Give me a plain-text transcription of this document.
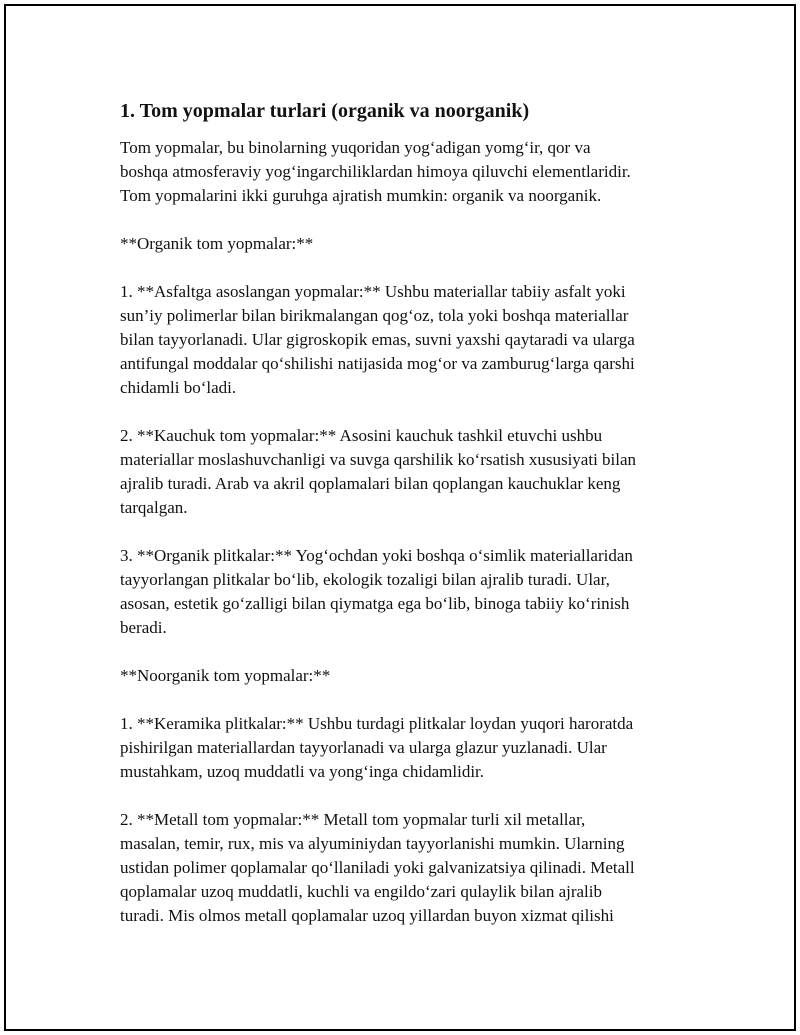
1. Tom yopmalar turlari (organik va noorganik)
Tom yopmalar, bu binolarning yuqoridan yog‘adigan yomg‘ir, qor va
boshqa atmosferaviy yog‘ingarchiliklardan himoya qiluvchi elementlaridir.
Tom yopmalarini ikki guruhga ajratish mumkin: organik va noorganik.
**Organik tom yopmalar:**
1. **Asfaltga asoslangan yopmalar:** Ushbu materiallar tabiiy asfalt yoki
sun’iy polimerlar bilan birikmalangan qog‘oz, tola yoki boshqa materiallar
bilan tayyorlanadi. Ular gigroskopik emas, suvni yaxshi qaytaradi va ularga
antifungal moddalar qo‘shilishi natijasida mog‘or va zamburug‘larga qarshi
chidamli bo‘ladi.
2. **Kauchuk tom yopmalar:** Asosini kauchuk tashkil etuvchi ushbu
materiallar moslashuvchanligi va suvga qarshilik ko‘rsatish xususiyati bilan
ajralib turadi. Arab va akril qoplamalari bilan qoplangan kauchuklar keng
tarqalgan.
3. **Organik plitkalar:** Yog‘ochdan yoki boshqa o‘simlik materiallaridan
tayyorlangan plitkalar bo‘lib, ekologik tozaligi bilan ajralib turadi. Ular,
asosan, estetik go‘zalligi bilan qiymatga ega bo‘lib, binoga tabiiy ko‘rinish
beradi.
**Noorganik tom yopmalar:**
1. **Keramika plitkalar:** Ushbu turdagi plitkalar loydan yuqori haroratda
pishirilgan materiallardan tayyorlanadi va ularga glazur yuzlanadi. Ular
mustahkam, uzoq muddatli va yong‘inga chidamlidir.
2. **Metall tom yopmalar:** Metall tom yopmalar turli xil metallar,
masalan, temir, rux, mis va alyuminiydan tayyorlanishi mumkin. Ularning
ustidan polimer qoplamalar qo‘llaniladi yoki galvanizatsiya qilinadi. Metall
qoplamalar uzoq muddatli, kuchli va engildo‘zari qulaylik bilan ajralib
turadi. Mis olmos metall qoplamalar uzoq yillardan buyon xizmat qilishi
